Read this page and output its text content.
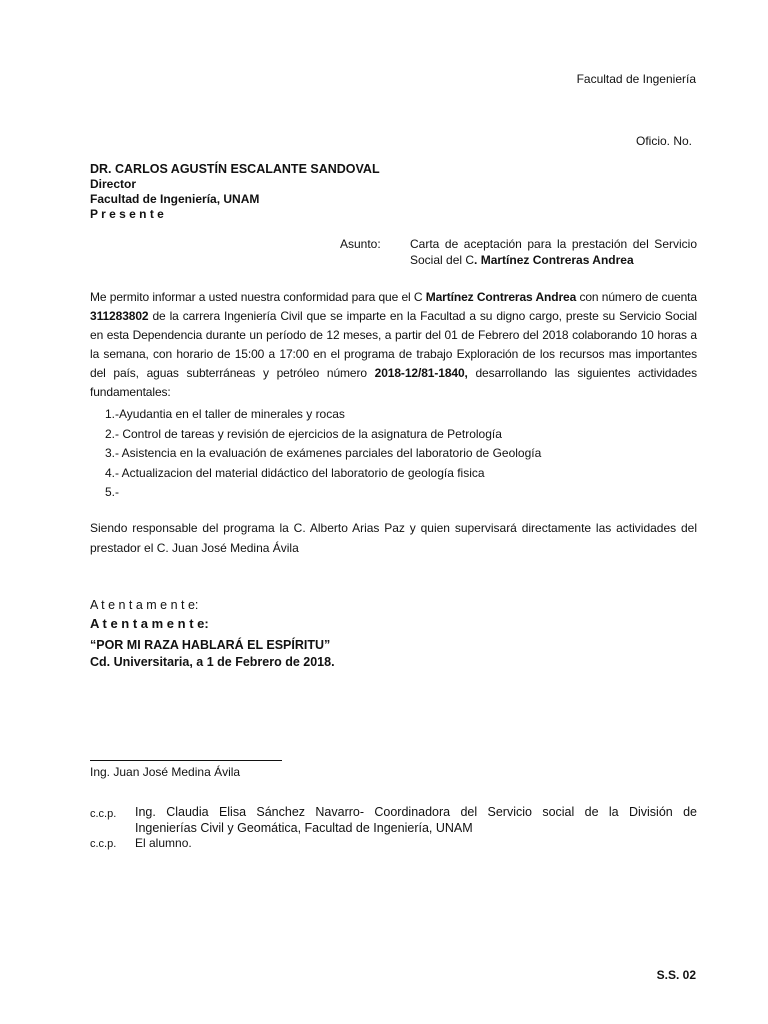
Facultad de Ingeniería
Oficio. No.
DR. CARLOS AGUSTÍN ESCALANTE SANDOVAL
Director
Facultad de Ingeniería, UNAM
P r e s e n t e
Asunto: Carta de aceptación para la prestación del Servicio
Social del C. Martínez Contreras Andrea
Me permito informar a usted nuestra conformidad para que el C Martínez Contreras Andrea con número de cuenta 311283802 de la carrera Ingeniería Civil que se imparte en la Facultad a su digno cargo, preste su Servicio Social en esta Dependencia durante un período de 12 meses, a partir del 01 de Febrero del 2018 colaborando 10 horas a la semana, con horario de 15:00 a 17:00 en el programa de trabajo Exploración de los recursos mas importantes del país, aguas subterráneas y petróleo número 2018-12/81-1840, desarrollando las siguientes actividades fundamentales:
1.-Ayudantia en el taller de minerales y rocas
2.- Control de tareas y revisión de ejercicios de la asignatura de Petrología
3.- Asistencia en la evaluación de exámenes parciales del laboratorio de Geología
4.- Actualizacion del material didáctico del laboratorio de geología fisica
5.-
Siendo responsable del programa la C. Alberto Arias Paz y quien supervisará directamente las actividades del prestador el C. Juan José Medina Ávila
A t e n t a m e n t e:
A t e n t a m e n t e:
“POR MI RAZA HABLARÁ EL ESPÍRITU”
Cd. Universitaria, a 1 de Febrero de 2018.
Ing. Juan José Medina Ávila
c.c.p. Ing. Claudia Elisa Sánchez Navarro- Coordinadora del Servicio social de la División de
Ingenierías Civil y Geomática, Facultad de Ingeniería, UNAM
c.c.p. El alumno.
S.S. 02
